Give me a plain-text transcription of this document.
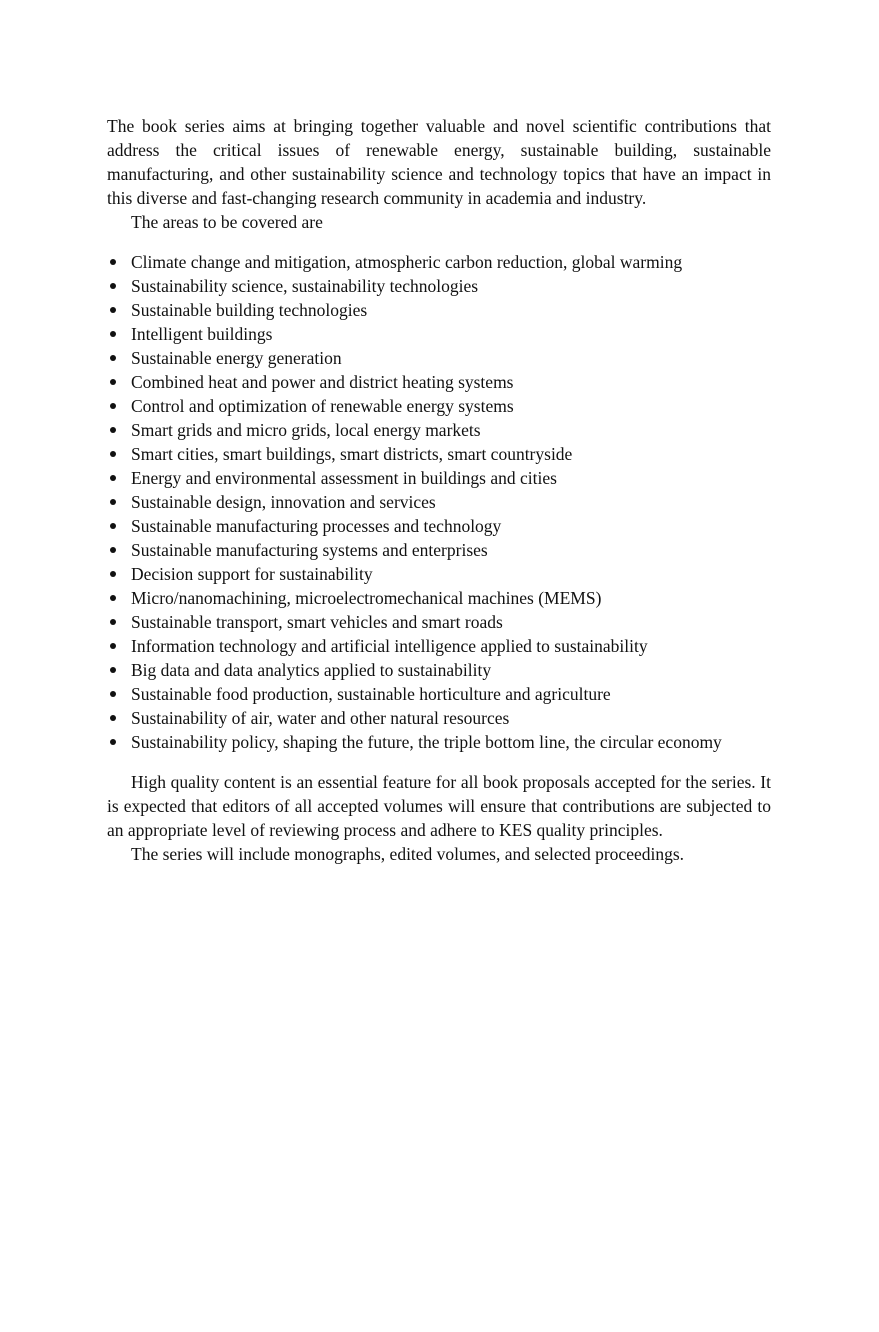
The book series aims at bringing together valuable and novel scientific contributions that address the critical issues of renewable energy, sustainable building, sustainable manufacturing, and other sustainability science and technology topics that have an impact in this diverse and fast-changing research community in academia and industry.

The areas to be covered are

Climate change and mitigation, atmospheric carbon reduction, global warming
Sustainability science, sustainability technologies
Sustainable building technologies
Intelligent buildings
Sustainable energy generation
Combined heat and power and district heating systems
Control and optimization of renewable energy systems
Smart grids and micro grids, local energy markets
Smart cities, smart buildings, smart districts, smart countryside
Energy and environmental assessment in buildings and cities
Sustainable design, innovation and services
Sustainable manufacturing processes and technology
Sustainable manufacturing systems and enterprises
Decision support for sustainability
Micro/nanomachining, microelectromechanical machines (MEMS)
Sustainable transport, smart vehicles and smart roads
Information technology and artificial intelligence applied to sustainability
Big data and data analytics applied to sustainability
Sustainable food production, sustainable horticulture and agriculture
Sustainability of air, water and other natural resources
Sustainability policy, shaping the future, the triple bottom line, the circular economy

High quality content is an essential feature for all book proposals accepted for the series. It is expected that editors of all accepted volumes will ensure that contributions are subjected to an appropriate level of reviewing process and adhere to KES quality principles.

The series will include monographs, edited volumes, and selected proceedings.
